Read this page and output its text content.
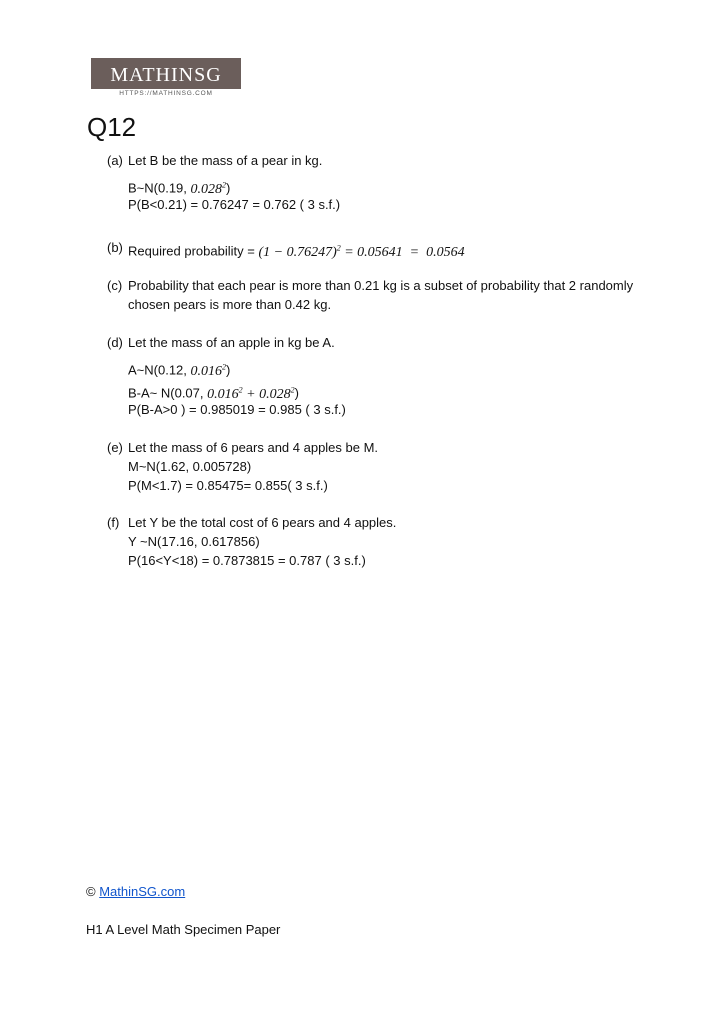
MATHINSG
HTTPS://MATHINSG.COM
Q12
(a) Let B be the mass of a pear in kg.
B~N(0.19, 0.028$^2$)
P(B<0.21) = 0.76247 = 0.762 ( 3 s.f.)
(b) Required probability = $(1 - 0.76247)^2 = 0.05641 = 0.0564$
(c) Probability that each pear is more than 0.21 kg is a subset of probability that 2 randomly
chosen pears is more than 0.42 kg.
(d) Let the mass of an apple in kg be A.
A~N(0.12, 0.016$^2$)
B-A~ N(0.07, $0.016^2 + 0.028^2$)
P(B-A>0 ) = 0.985019 = 0.985 ( 3 s.f.)
(e) Let the mass of 6 pears and 4 apples be M.
M~N(1.62, 0.005728)
P(M<1.7) = 0.85475= 0.855( 3 s.f.)
(f) Let Y be the total cost of 6 pears and 4 apples.
Y ~N(17.16, 0.617856)
P(16<Y<18) = 0.7873815 = 0.787 ( 3 s.f.)
© MathinSG.com
H1 A Level Math Specimen Paper
